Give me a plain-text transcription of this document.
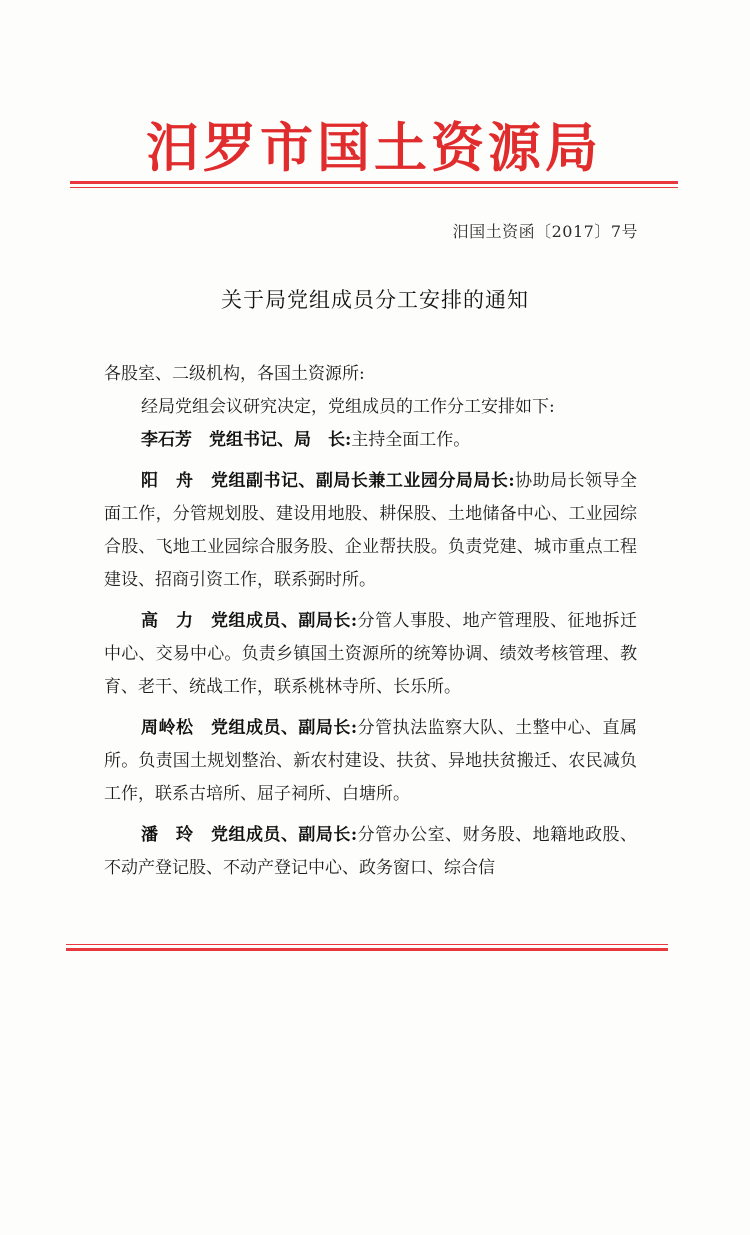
汨罗市国土资源局
汨国土资函〔2017〕7号
关于局党组成员分工安排的通知

各股室、二级机构，各国土资源所:

经局党组会议研究决定，党组成员的工作分工安排如下:

李石芳　 党组书记、局　长:主持全面工作。

阳　舟　 党组副书记、副局长兼工业园分局局长:协助局长领导全面工作，分管规划股、建设用地股、耕保股、土地储备中心、工业园综合股、飞地工业园综合服务股、企业帮扶股。负责党建、城市重点工程建设、招商引资工作，联系弼时所。

高　力　 党组成员、副局长:分管人事股、地产管理股、征地拆迁中心、交易中心。负责乡镇国土资源所的统筹协调、绩效考核管理、教育、老干、统战工作，联系桃林寺所、长乐所。

周岭松　 党组成员、副局长:分管执法监察大队、土整中心、直属所。负责国土规划整治、新农村建设、扶贫、异地扶贫搬迁、农民减负工作，联系古培所、屈子祠所、白塘所。

潘　玲　 党组成员、副局长:分管办公室、财务股、地籍地政股、不动产登记股、不动产登记中心、政务窗口、综合信
